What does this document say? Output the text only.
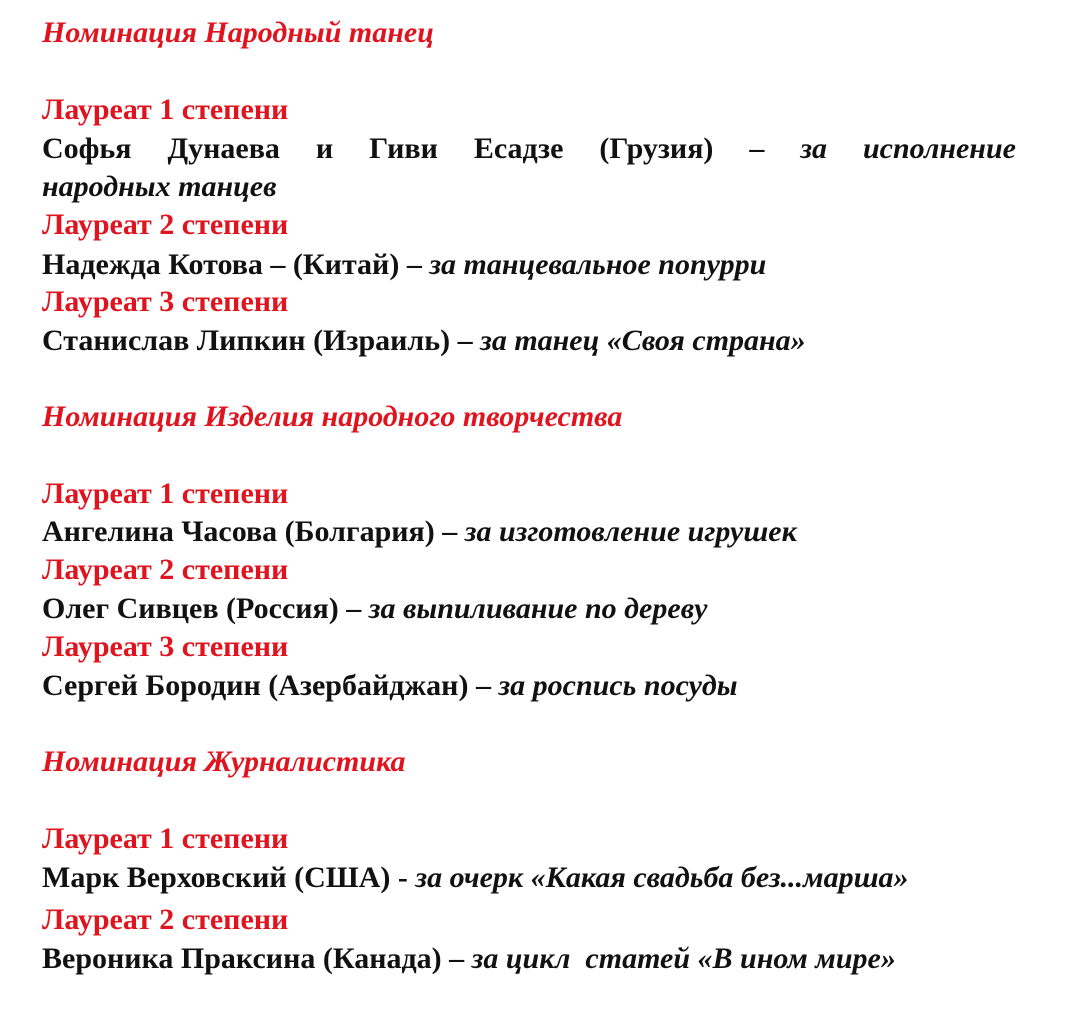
Номинация Народный танец
Лауреат 1 степени
Софья Дунаева и Гиви Есадзе (Грузия) – за исполнение
народных танцев
Лауреат 2 степени
Надежда Котова – (Китай) – за танцевальное попурри
Лауреат 3 степени
Станислав Липкин (Израиль) – за танец «Своя страна»
Номинация Изделия народного творчества
Лауреат 1 степени
Ангелина Часова (Болгария) – за изготовление игрушек
Лауреат 2 степени
Олег Сивцев (Россия) – за выпиливание по дереву
Лауреат 3 степени
Сергей Бородин (Азербайджан) – за роспись посуды
Номинация Журналистика
Лауреат 1 степени
Марк Верховский (США) - за очерк «Какая свадьба без...марша»
Лауреат 2 степени
Вероника Праксина (Канада) – за цикл  статей «В ином мире»
